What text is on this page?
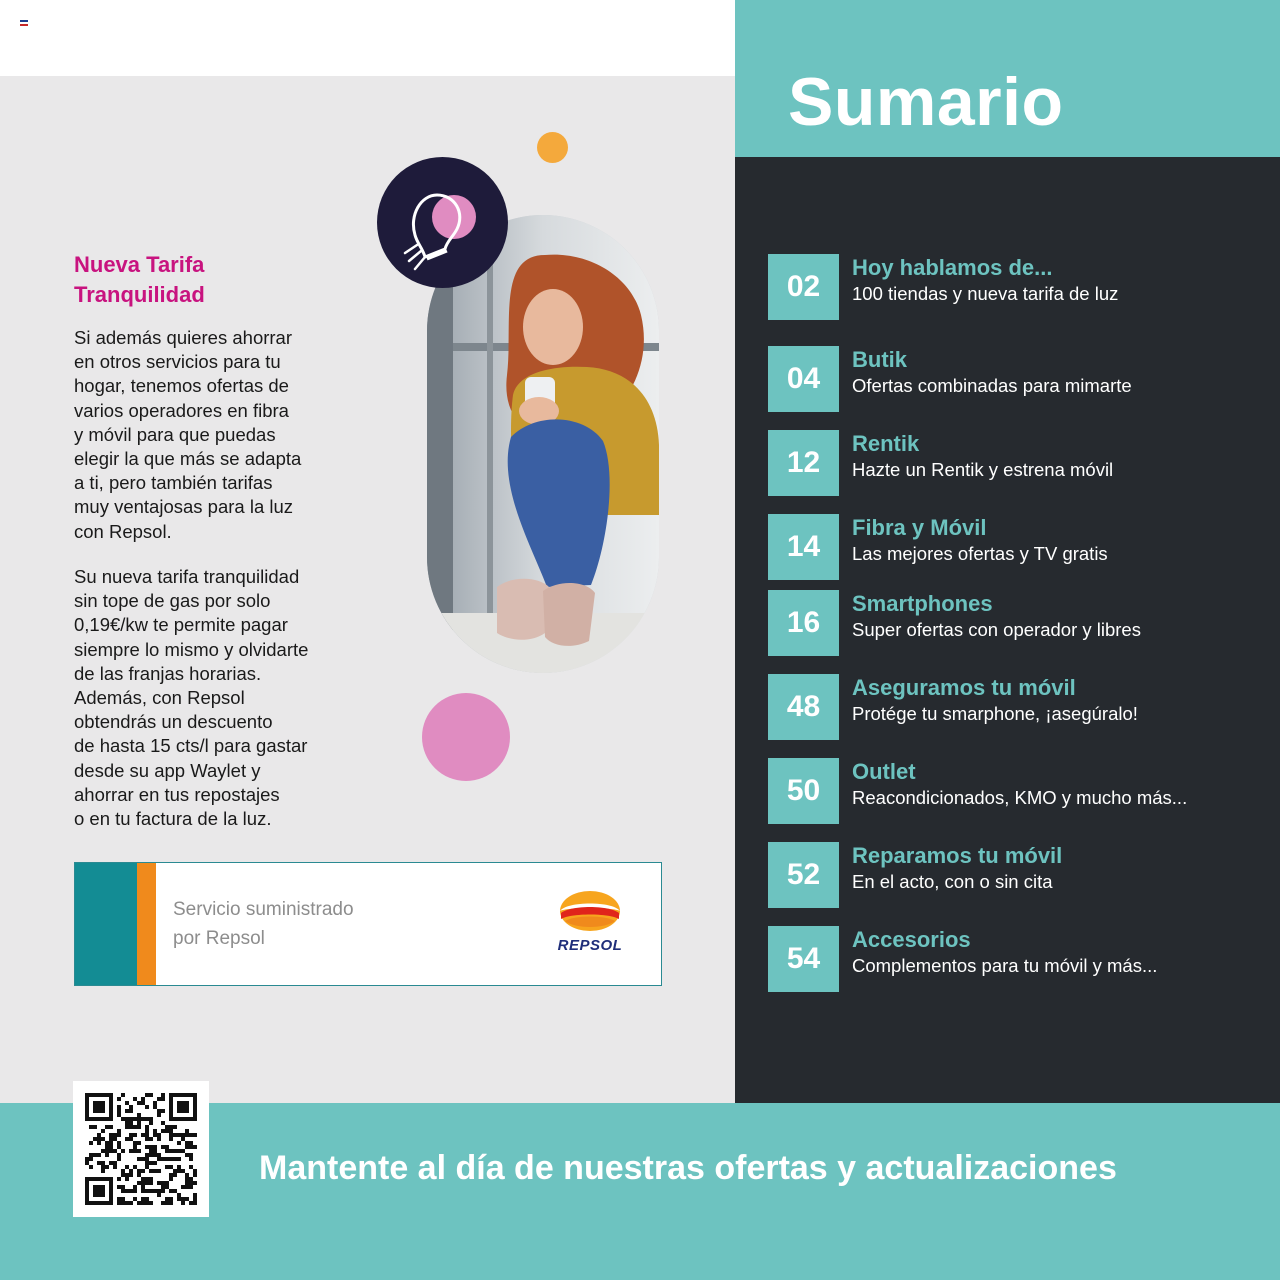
Nueva Tarifa
Tranquilidad

Si además quieres ahorrar
en otros servicios para tu
hogar, tenemos ofertas de
varios operadores en fibra
y móvil para que puedas
elegir la que más se adapta
a ti, pero también tarifas
muy ventajosas para la luz
con Repsol.

Su nueva tarifa tranquilidad
sin tope de gas por solo
0,19€/kw te permite pagar
siempre lo mismo y olvidarte
de las franjas horarias.
Además, con Repsol
obtendrás un descuento
de hasta 15 cts/l para gastar
desde su app Waylet y
ahorrar en tus repostajes
o en tu factura de la luz.

Servicio suministrado
por Repsol	REPSOL
Sumario
02
Hoy hablamos de...
100 tiendas y nueva tarifa de luz
04
Butik
Ofertas combinadas para mimarte
12
Rentik
Hazte un Rentik y estrena móvil
14
Fibra y Móvil
Las mejores ofertas y TV gratis
16
Smartphones
Super ofertas con operador y libres
48
Aseguramos tu móvil
Protége tu smarphone, ¡asegúralo!
50
Outlet
Reacondicionados, KMO y mucho más...
52
Reparamos tu móvil
En el acto, con o sin cita
54
Accesorios
Complementos para tu móvil y más...

Mantente al día de nuestras ofertas y actualizaciones
